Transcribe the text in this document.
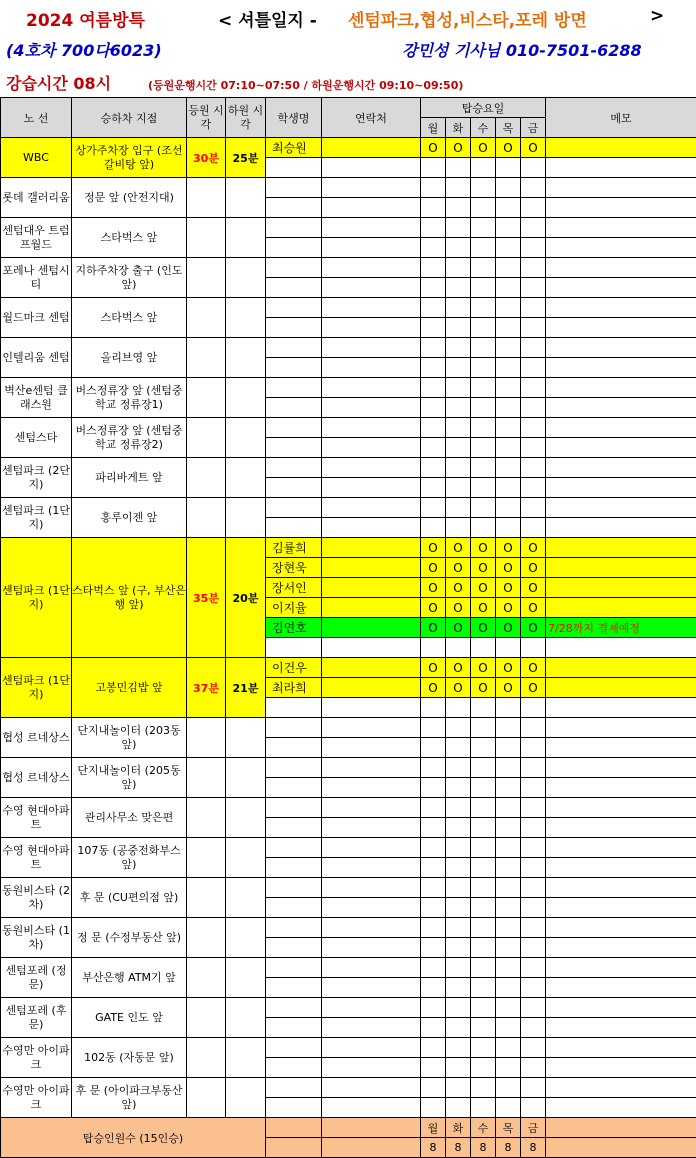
2024 여름방특	< 셔틀일지 - 센텀파크,협성,비스타,포레 방면	>
(4호차 700다6023)	강민성 기사님 010-7501-6288
강습시간 08시	(등원운행시간 07:10~07:50 / 하원운행시간 09:10~09:50)
노 선	승하차 지점	등원 시각	하원 시각	학생명	연락처	탑승요일					메모
						월	화	수	목	금	
WBC	상가주차장 입구 (조선갈비탕 앞)	30분	25분	최승원		O	O	O	O	O	

롯데 갤러리움	정문 앞 (안전지대)										

센텀대우 트럼프월드	스타벅스 앞										

포레나 센텀시티	지하주차장 출구 (인도 앞)										

월드마크 센텀	스타벅스 앞										

인텔리움 센텀	올리브영 앞										

벽산e센텀 클래스원	버스정류장 앞 (센텀중학교 정류장1)										

센텀스타	버스정류장 앞 (센텀중학교 정류장2)										

센텀파크 (2단지)	파리바게트 앞										

센텀파크 (1단지)	홍루이젠 앞										

센텀파크 (1단지)	스타벅스 앞 (구, 부산은행 앞)	35분	20분	김률희		O	O	O	O	O	
				장현욱		O	O	O	O	O	
				장서인		O	O	O	O	O	
				이지율		O	O	O	O	O	
				김연호		O	O	O	O	O	7/28까지 결제예정

센텀파크 (1단지)	고봉민김밥 앞	37분	21분	이건우		O	O	O	O	O	
				최라희		O	O	O	O	O	

협성 르네상스	단지내놀이터 (203동 앞)										

협성 르네상스	단지내놀이터 (205동 앞)										

수영 현대아파트	관리사무소 맞은편										

수영 현대아파트	107동 (공중전화부스 앞)										

동원비스타 (2차)	후 문 (CU편의점 앞)										

동원비스타 (1차)	정 문 (수정부동산 앞)										

센텀포레 (정문)	부산은행 ATM기 앞										

센텀포레 (후문)	GATE 인도 앞										

수영만 아이파크	102동 (자동문 앞)										

수영만 아이파크	후 문 (아이파크부동산앞)										

탑승인원수 (15인승)						월	화	수	목	금	
						8	8	8	8	8	
